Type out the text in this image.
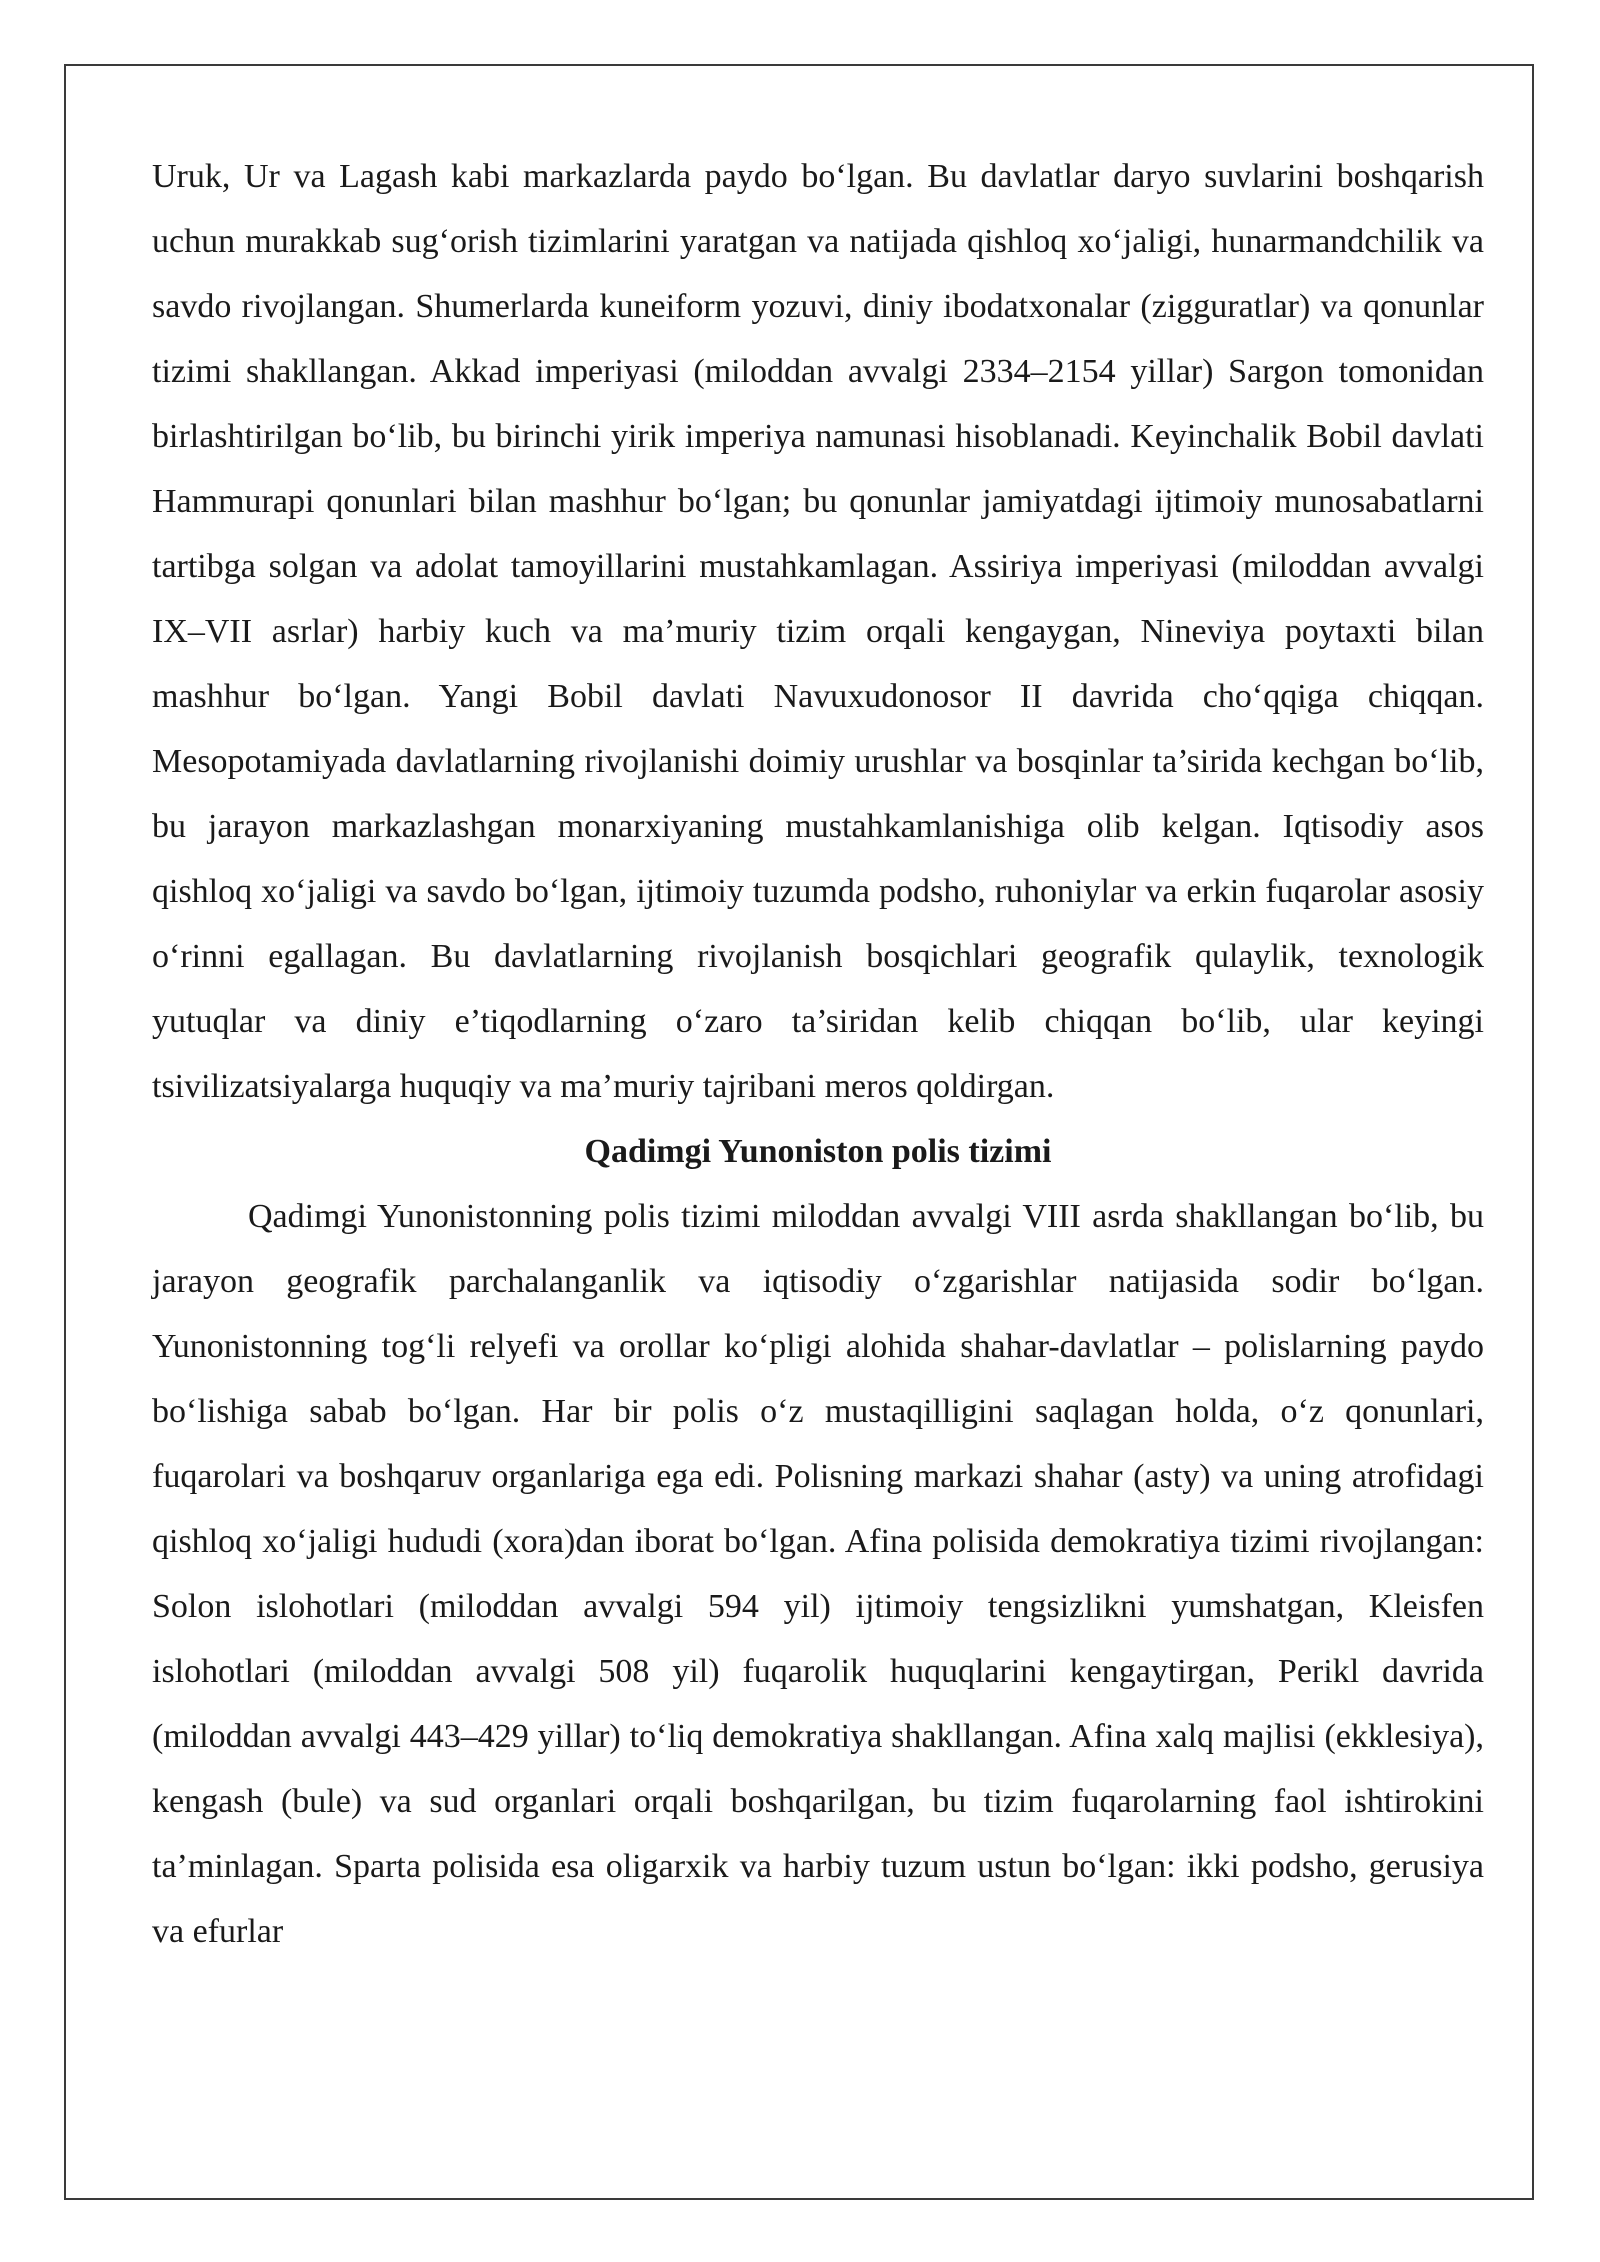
Uruk, Ur va Lagash kabi markazlarda paydo bo‘lgan. Bu davlatlar daryo suvlarini boshqarish uchun murakkab sug‘orish tizimlarini yaratgan va natijada qishloq xo‘jaligi, hunarmandchilik va savdo rivojlangan. Shumerlarda kuneiform yozuvi, diniy ibodatxonalar (zigguratlar) va qonunlar tizimi shakllangan. Akkad imperiyasi (miloddan avvalgi 2334–2154 yillar) Sargon tomonidan birlashtirilgan bo‘lib, bu birinchi yirik imperiya namunasi hisoblanadi. Keyinchalik Bobil davlati Hammurapi qonunlari bilan mashhur bo‘lgan; bu qonunlar jamiyatdagi ijtimoiy munosabatlarni tartibga solgan va adolat tamoyillarini mustahkamlagan. Assiriya imperiyasi (miloddan avvalgi IX–VII asrlar) harbiy kuch va ma’muriy tizim orqali kengaygan, Nineviya poytaxti bilan mashhur bo‘lgan. Yangi Bobil davlati Navuxudonosor II davrida cho‘qqiga chiqqan. Mesopotamiyada davlatlarning rivojlanishi doimiy urushlar va bosqinlar ta’sirida kechgan bo‘lib, bu jarayon markazlashgan monarxiyaning mustahkamlanishiga olib kelgan. Iqtisodiy asos qishloq xo‘jaligi va savdo bo‘lgan, ijtimoiy tuzumda podsho, ruhoniylar va erkin fuqarolar asosiy o‘rinni egallagan. Bu davlatlarning rivojlanish bosqichlari geografik qulaylik, texnologik yutuqlar va diniy e’tiqodlarning o‘zaro ta’siridan kelib chiqqan bo‘lib, ular keyingi tsivilizatsiyalarga huquqiy va ma’muriy tajribani meros qoldirgan.

Qadimgi Yunoniston polis tizimi

Qadimgi Yunonistonning polis tizimi miloddan avvalgi VIII asrda shakllangan bo‘lib, bu jarayon geografik parchalanganlik va iqtisodiy o‘zgarishlar natijasida sodir bo‘lgan. Yunonistonning tog‘li relyefi va orollar ko‘pligi alohida shahar-davlatlar – polislarning paydo bo‘lishiga sabab bo‘lgan. Har bir polis o‘z mustaqilligini saqlagan holda, o‘z qonunlari, fuqarolari va boshqaruv organlariga ega edi. Polisning markazi shahar (asty) va uning atrofidagi qishloq xo‘jaligi hududi (xora)dan iborat bo‘lgan. Afina polisida demokratiya tizimi rivojlangan: Solon islohotlari (miloddan avvalgi 594 yil) ijtimoiy tengsizlikni yumshatgan, Kleisfen islohotlari (miloddan avvalgi 508 yil) fuqarolik huquqlarini kengaytirgan, Perikl davrida (miloddan avvalgi 443–429 yillar) to‘liq demokratiya shakllangan. Afina xalq majlisi (ekklesiya), kengash (bule) va sud organlari orqali boshqarilgan, bu tizim fuqarolarning faol ishtirokini ta’minlagan. Sparta polisida esa oligarxik va harbiy tuzum ustun bo‘lgan: ikki podsho, gerusiya va efurlar
